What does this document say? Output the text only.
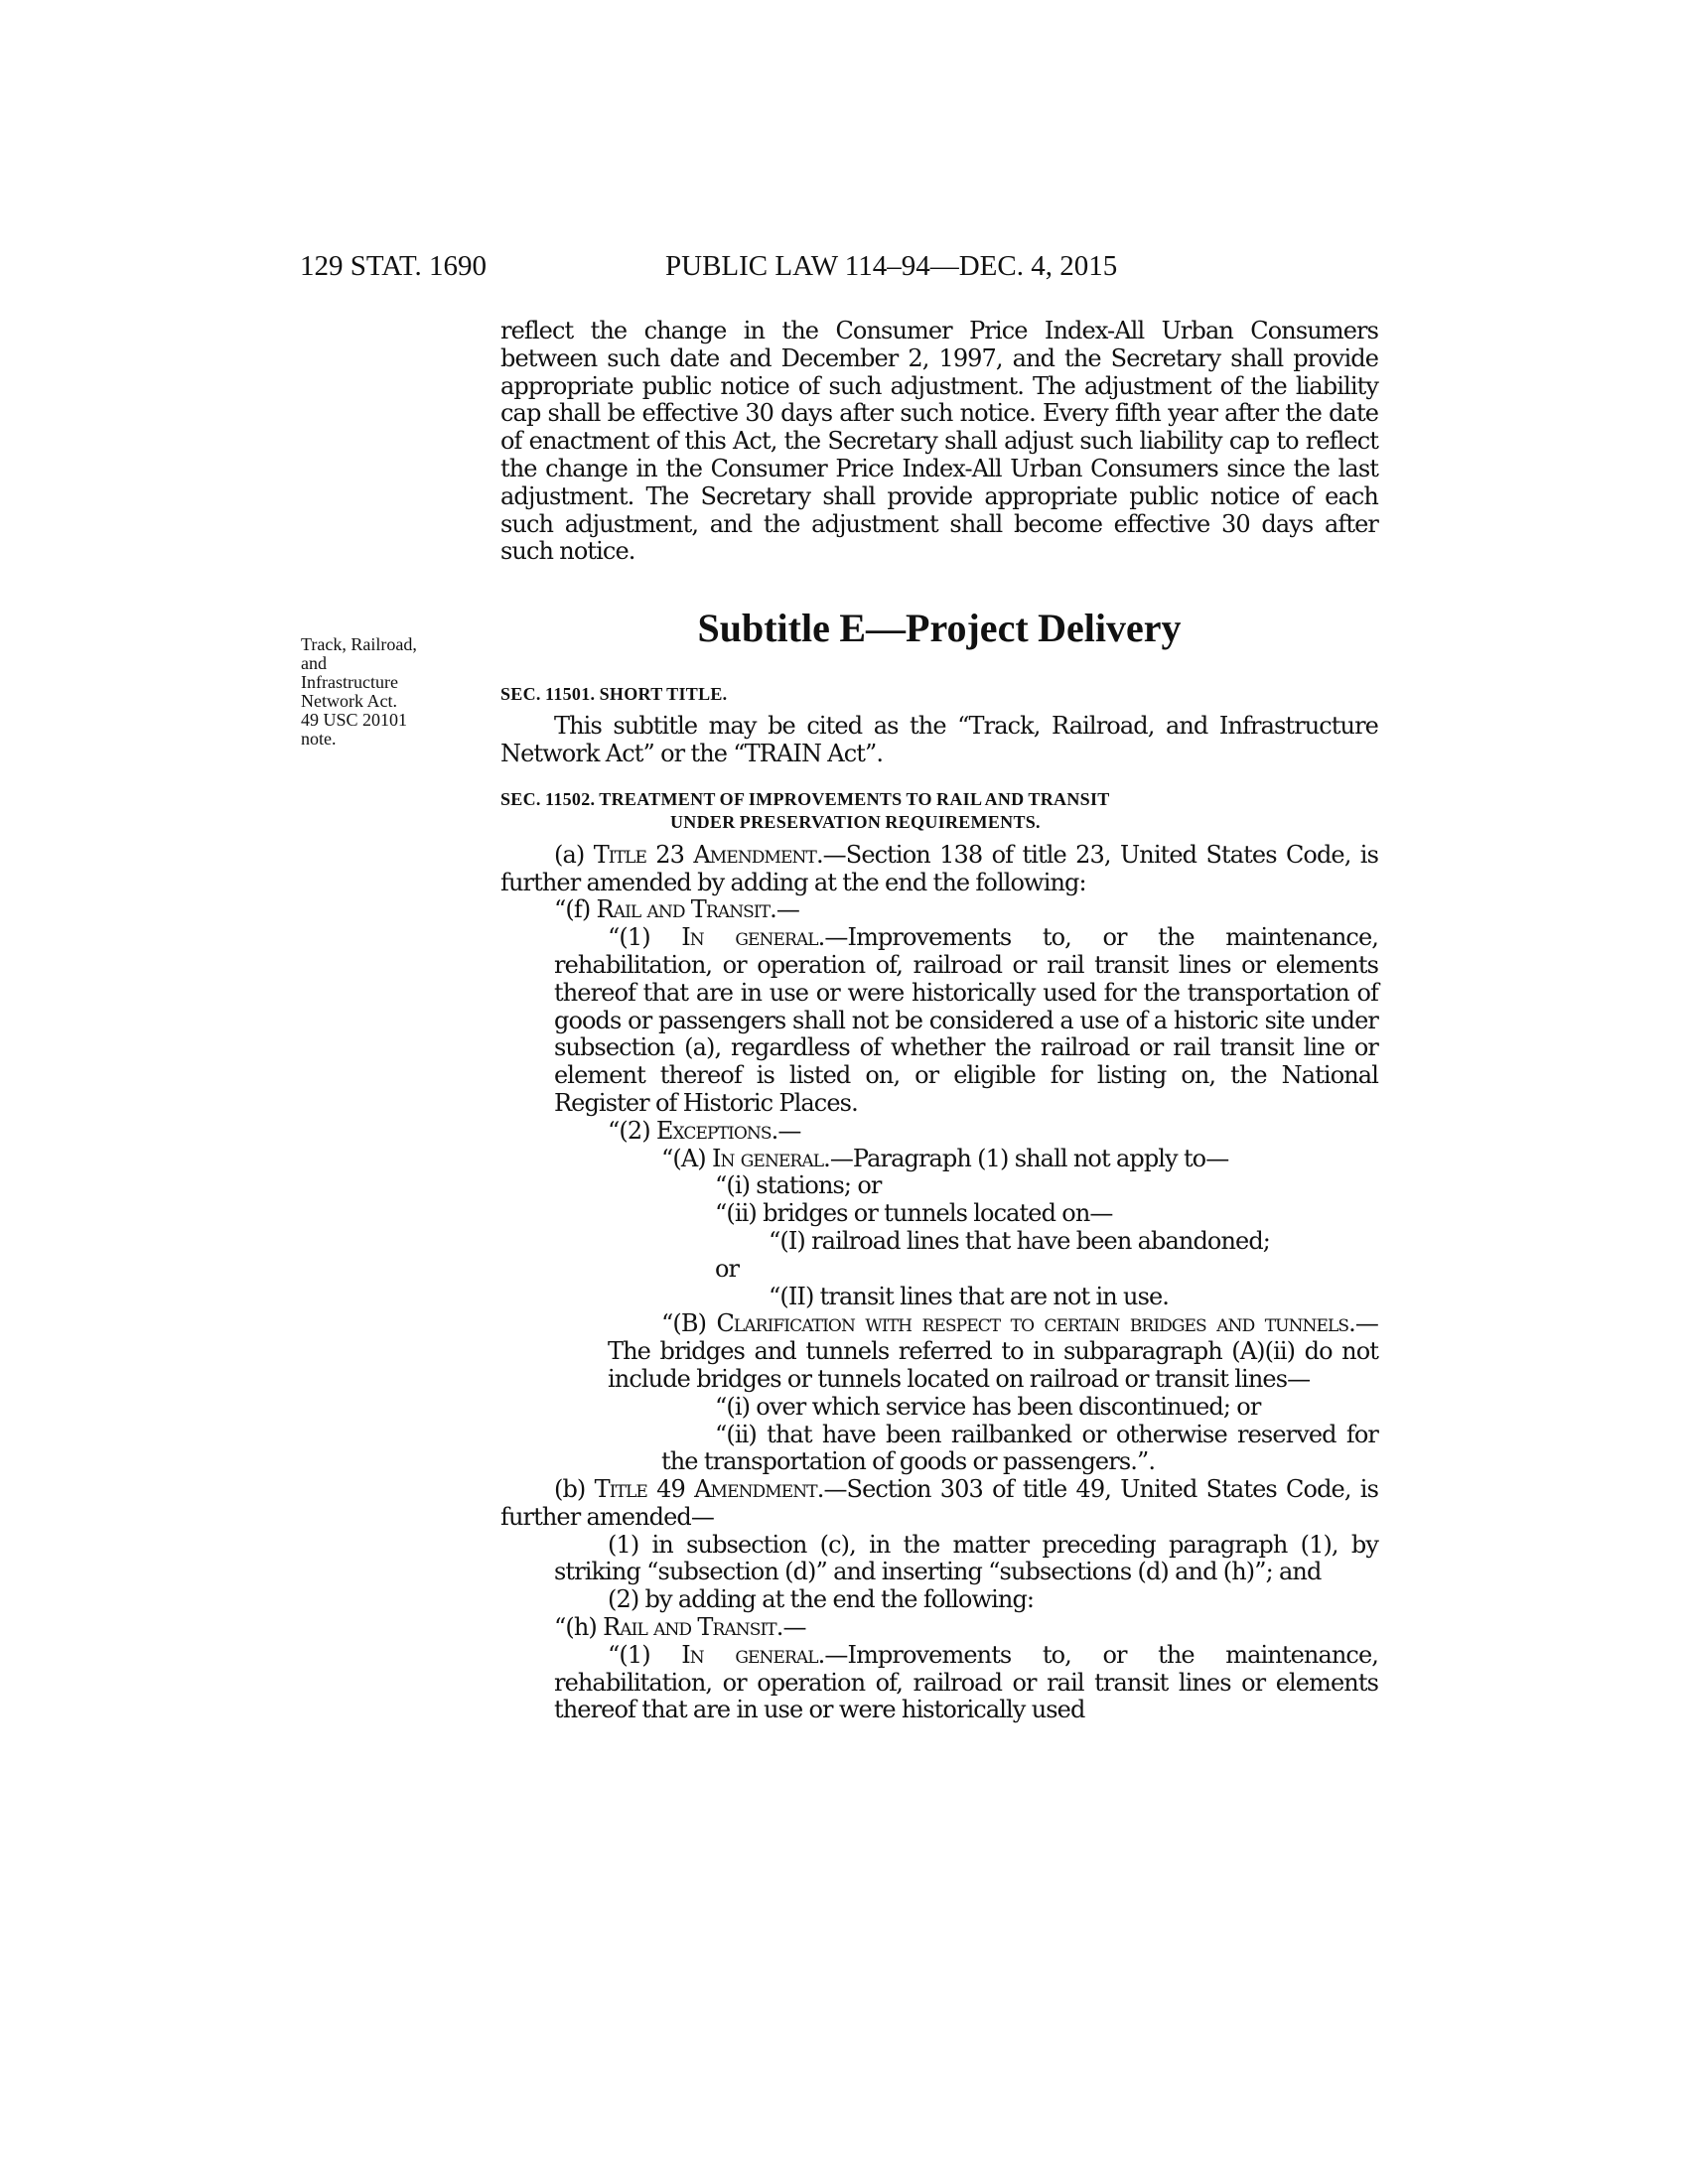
129 STAT. 1690	PUBLIC LAW 114–94—DEC. 4, 2015
Track, Railroad,
and
Infrastructure
Network Act.
49 USC 20101
note.

reflect the change in the Consumer Price Index-All Urban Consumers between such date and December 2, 1997, and the Secretary shall provide appropriate public notice of such adjustment. The adjustment of the liability cap shall be effective 30 days after such notice. Every fifth year after the date of enactment of this Act, the Secretary shall adjust such liability cap to reflect the change in the Consumer Price Index-All Urban Consumers since the last adjustment. The Secretary shall provide appropriate public notice of each such adjustment, and the adjustment shall become effective 30 days after such notice.

Subtitle E—Project Delivery

SEC. 11501. SHORT TITLE.

This subtitle may be cited as the “Track, Railroad, and Infrastructure Network Act” or the “TRAIN Act”.

SEC. 11502. TREATMENT OF IMPROVEMENTS TO RAIL AND TRANSIT
UNDER PRESERVATION REQUIREMENTS.

(a) Title 23 Amendment.—Section 138 of title 23, United States Code, is further amended by adding at the end the following:

“(f) Rail and Transit.—

“(1) In general.—Improvements to, or the maintenance, rehabilitation, or operation of, railroad or rail transit lines or elements thereof that are in use or were historically used for the transportation of goods or passengers shall not be considered a use of a historic site under subsection (a), regardless of whether the railroad or rail transit line or element thereof is listed on, or eligible for listing on, the National Register of Historic Places.

“(2) Exceptions.—

“(A) In general.—Paragraph (1) shall not apply to—

“(i) stations; or

“(ii) bridges or tunnels located on—

“(I) railroad lines that have been abandoned;

or

“(II) transit lines that are not in use.

“(B) Clarification with respect to certain bridges and tunnels.—The bridges and tunnels referred to in subparagraph (A)(ii) do not include bridges or tunnels located on railroad or transit lines—

“(i) over which service has been discontinued; or

“(ii) that have been railbanked or otherwise reserved for the transportation of goods or passengers.”.

(b) Title 49 Amendment.—Section 303 of title 49, United States Code, is further amended—

(1) in subsection (c), in the matter preceding paragraph (1), by striking “subsection (d)” and inserting “subsections (d) and (h)”; and

(2) by adding at the end the following:

“(h) Rail and Transit.—

“(1) In general.—Improvements to, or the maintenance, rehabilitation, or operation of, railroad or rail transit lines or elements thereof that are in use or were historically used
